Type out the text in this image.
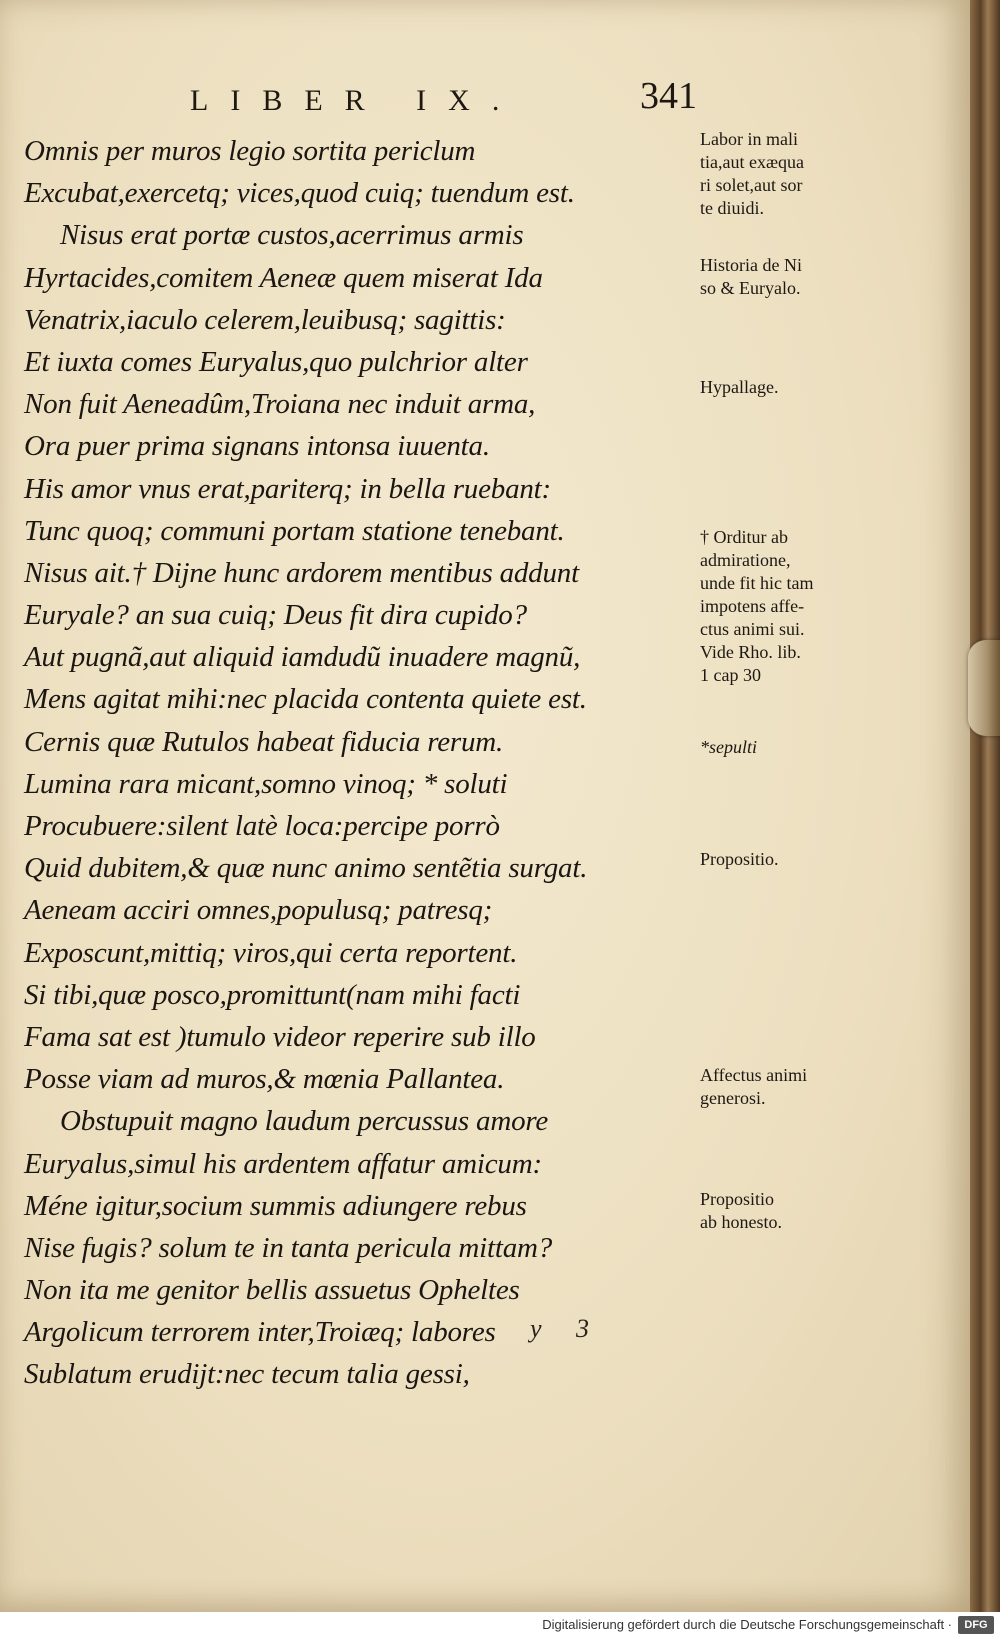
LIBER IX.	341
Omnis per muros legio sortita periclum
Excubat,exercetq; vices,quod cuiq; tuendum est.
Nisus erat portæ custos,acerrimus armis
Hyrtacides,comitem Aeneæ quem miserat Ida
Venatrix,iaculo celerem,leuibusq; sagittis:
Et iuxta comes Euryalus,quo pulchrior alter
Non fuit Aeneadûm,Troiana nec induit arma,
Ora puer prima signans intonsa iuuenta.
His amor vnus erat,pariterq; in bella ruebant:
Tunc quoq; communi portam statione tenebant.
Nisus ait.† Dijne hunc ardorem mentibus addunt
Euryale? an sua cuiq; Deus fit dira cupido?
Aut pugnã,aut aliquid iamdudũ inuadere magnũ,
Mens agitat mihi:nec placida contenta quiete est.
Cernis quæ Rutulos habeat fiducia rerum.
Lumina rara micant,somno vinoq; * soluti
Procubuere:silent latè loca:percipe porrò
Quid dubitem,& quæ nunc animo sentẽtia surgat.
Aeneam acciri omnes,populusq; patresq;
Exposcunt,mittiq; viros,qui certa reportent.
Si tibi,quæ posco,promittunt(nam mihi facti
Fama sat est )tumulo videor reperire sub illo
Posse viam ad muros,& mœnia Pallantea.
Obstupuit magno laudum percussus amore
Euryalus,simul his ardentem affatur amicum:
Méne igitur,socium summis adiungere rebus
Nise fugis? solum te in tanta pericula mittam?
Non ita me genitor bellis assuetus Opheltes
Argolicum terrorem inter,Troiæq; labores
Sublatum erudijt:nec tecum talia gessi,
Labor in mali
tia,aut exæqua
ri solet,aut sor
te diuidi.
Historia de Ni
so & Euryalo.
Hypallage.
† Orditur ab
admiratione,
unde fit hic tam
impotens affe-
ctus animi sui.
Vide Rho. lib.
1 cap 30
*sepulti
Propositio.
Affectus animi
generosi.
Propositio
ab honesto.
y 3
Digitalisierung gefördert durch die Deutsche Forschungsgemeinschaft ·	DFG
